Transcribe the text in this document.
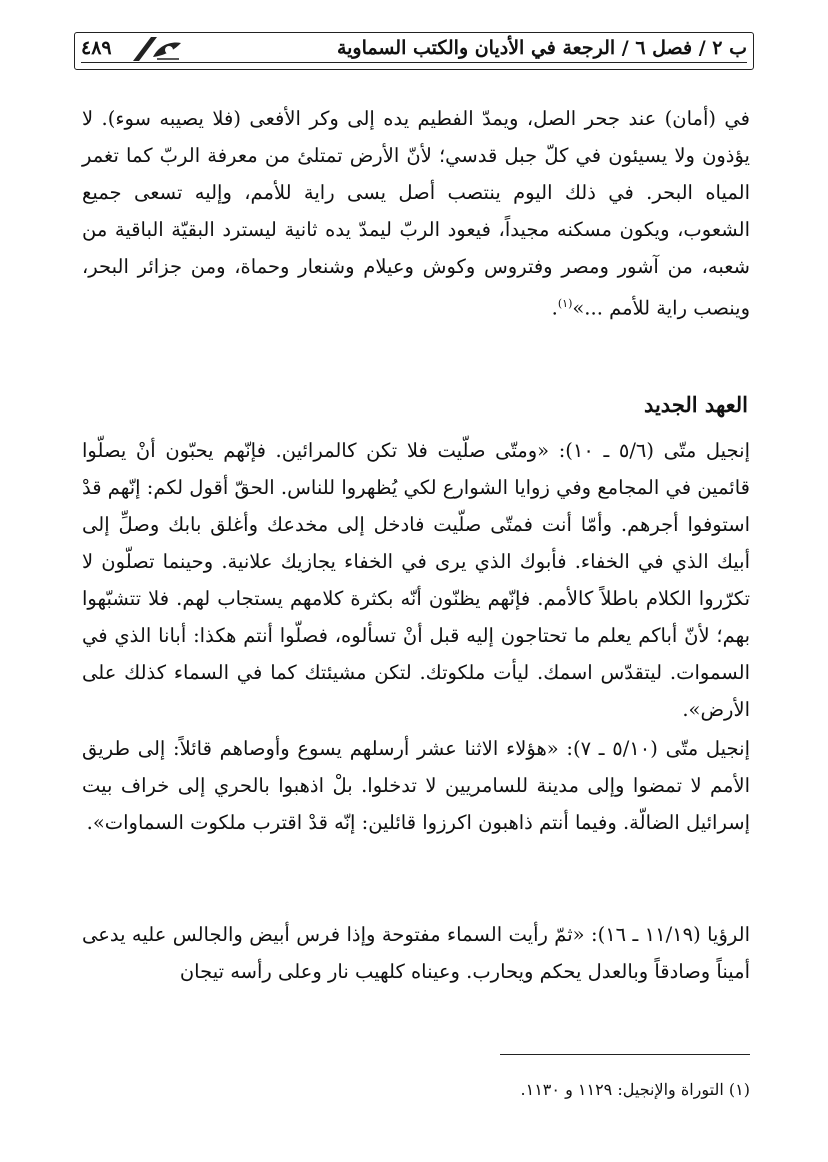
ب ٢ / فصل ٦ / الرجعة في الأديان والكتب السماوية
٤٨٩

في (أمان) عند جحر الصل، ويمدّ الفطيم يده إلى وكر الأفعى (فلا يصيبه سوء). لا يؤذون ولا يسيئون في كلّ جبل قدسي؛ لأنّ الأرض تمتلئ من معرفة الربّ كما تغمر المياه البحر. في ذلك اليوم ينتصب أصل يسى راية للأمم، وإليه تسعى جميع الشعوب، ويكون مسكنه مجيداً، فيعود الربّ ليمدّ يده ثانية ليسترد البقيّة الباقية من شعبه، من آشور ومصر وفتروس وكوش وعيلام وشنعار وحماة، ومن جزائر البحر، وينصب راية للأمم ...»$^{(١)}$.

العهد الجديد

إنجيل متّى (٥/٦ ـ ١٠): «ومتّى صلّيت فلا تكن كالمرائين. فإنّهم يحبّون أنْ يصلّوا قائمين في المجامع وفي زوايا الشوارع لكي يُظهروا للناس. الحقّ أقول لكم: إنّهم قدْ استوفوا أجرهم. وأمّا أنت فمتّى صلّيت فادخل إلى مخدعك وأغلق بابك وصلِّ إلى أبيك الذي في الخفاء. فأبوك الذي يرى في الخفاء يجازيك علانية. وحينما تصلّون لا تكرّروا الكلام باطلاً كالأمم. فإنّهم يظنّون أنّه بكثرة كلامهم يستجاب لهم. فلا تتشبّهوا بهم؛ لأنّ أباكم يعلم ما تحتاجون إليه قبل أنْ تسألوه، فصلّوا أنتم هكذا: أبانا الذي في السموات. ليتقدّس اسمك. ليأت ملكوتك. لتكن مشيئتك كما في السماء كذلك على الأرض».

إنجيل متّى (٥/١٠ ـ ٧): «هؤلاء الاثنا عشر أرسلهم يسوع وأوصاهم قائلاً: إلى طريق الأمم لا تمضوا وإلى مدينة للسامريين لا تدخلوا. بلْ اذهبوا بالحري إلى خراف بيت إسرائيل الضالّة. وفيما أنتم ذاهبون اكرزوا قائلين: إنّه قدْ اقترب ملكوت السماوات».

الرؤيا (١١/١٩ ـ ١٦): «ثمّ رأيت السماء مفتوحة وإذا فرس أبيض والجالس عليه يدعى أميناً وصادقاً وبالعدل يحكم ويحارب. وعيناه كلهيب نار وعلى رأسه تيجان

(١) التوراة والإنجيل: ١١٢٩ و ١١٣٠.
